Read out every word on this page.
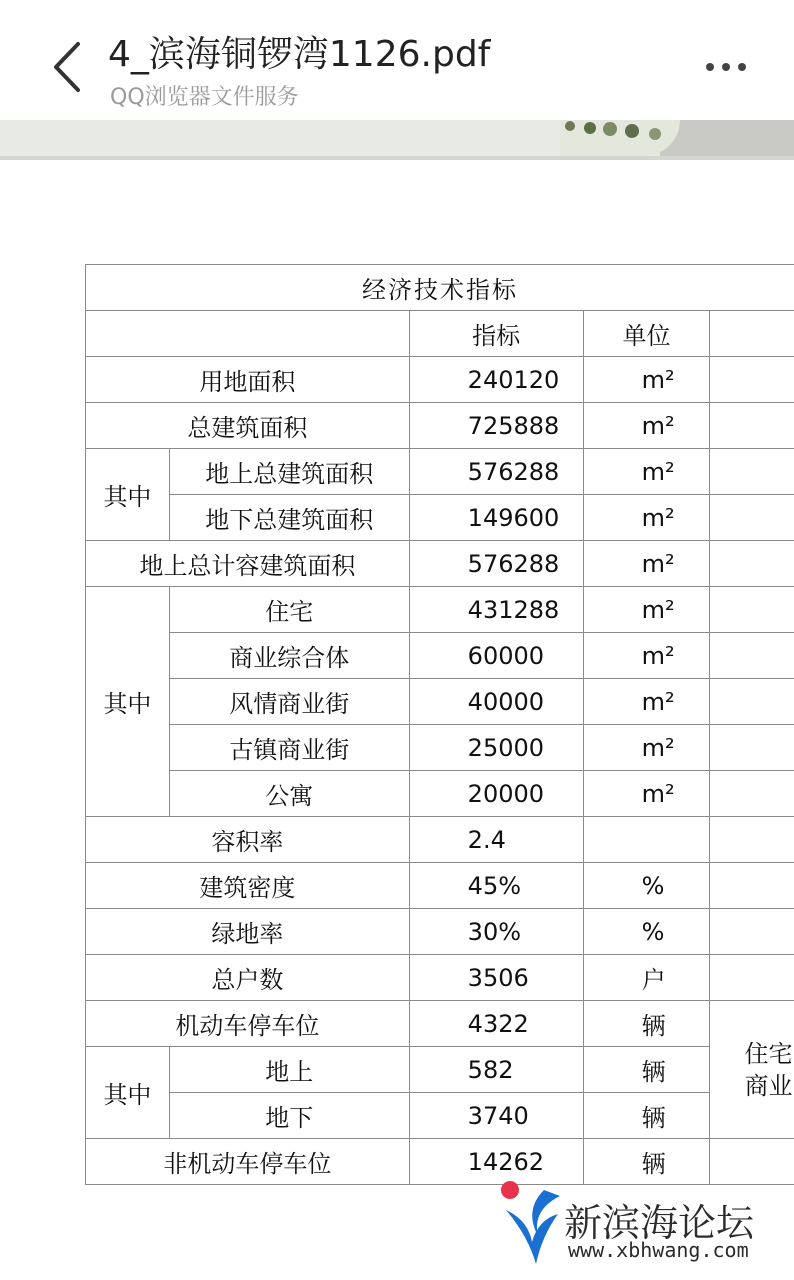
4_滨海铜锣湾1126.pdf
QQ浏览器文件服务
经济技术指标				
		指标	单位	
用地面积		240120	m²	
总建筑面积		725888	m²	
其中	地上总建筑面积	576288	m²	
	地下总建筑面积	149600	m²	
地上总计容建筑面积		576288	m²	
其中	住宅	431288	m²	
	商业综合体	60000	m²	
	风情商业街	40000	m²	
	古镇商业街	25000	m²	
	公寓	20000	m²	
容积率		2.4		
建筑密度		45%	%	
绿地率		30%	%	
总户数		3506	户	
机动车停车位		4322	辆	住宅
商业

其中	地上	582	辆	
	地下	3740	辆	
非机动车停车位		14262	辆	
新滨海论坛
www.xbhwang.com
